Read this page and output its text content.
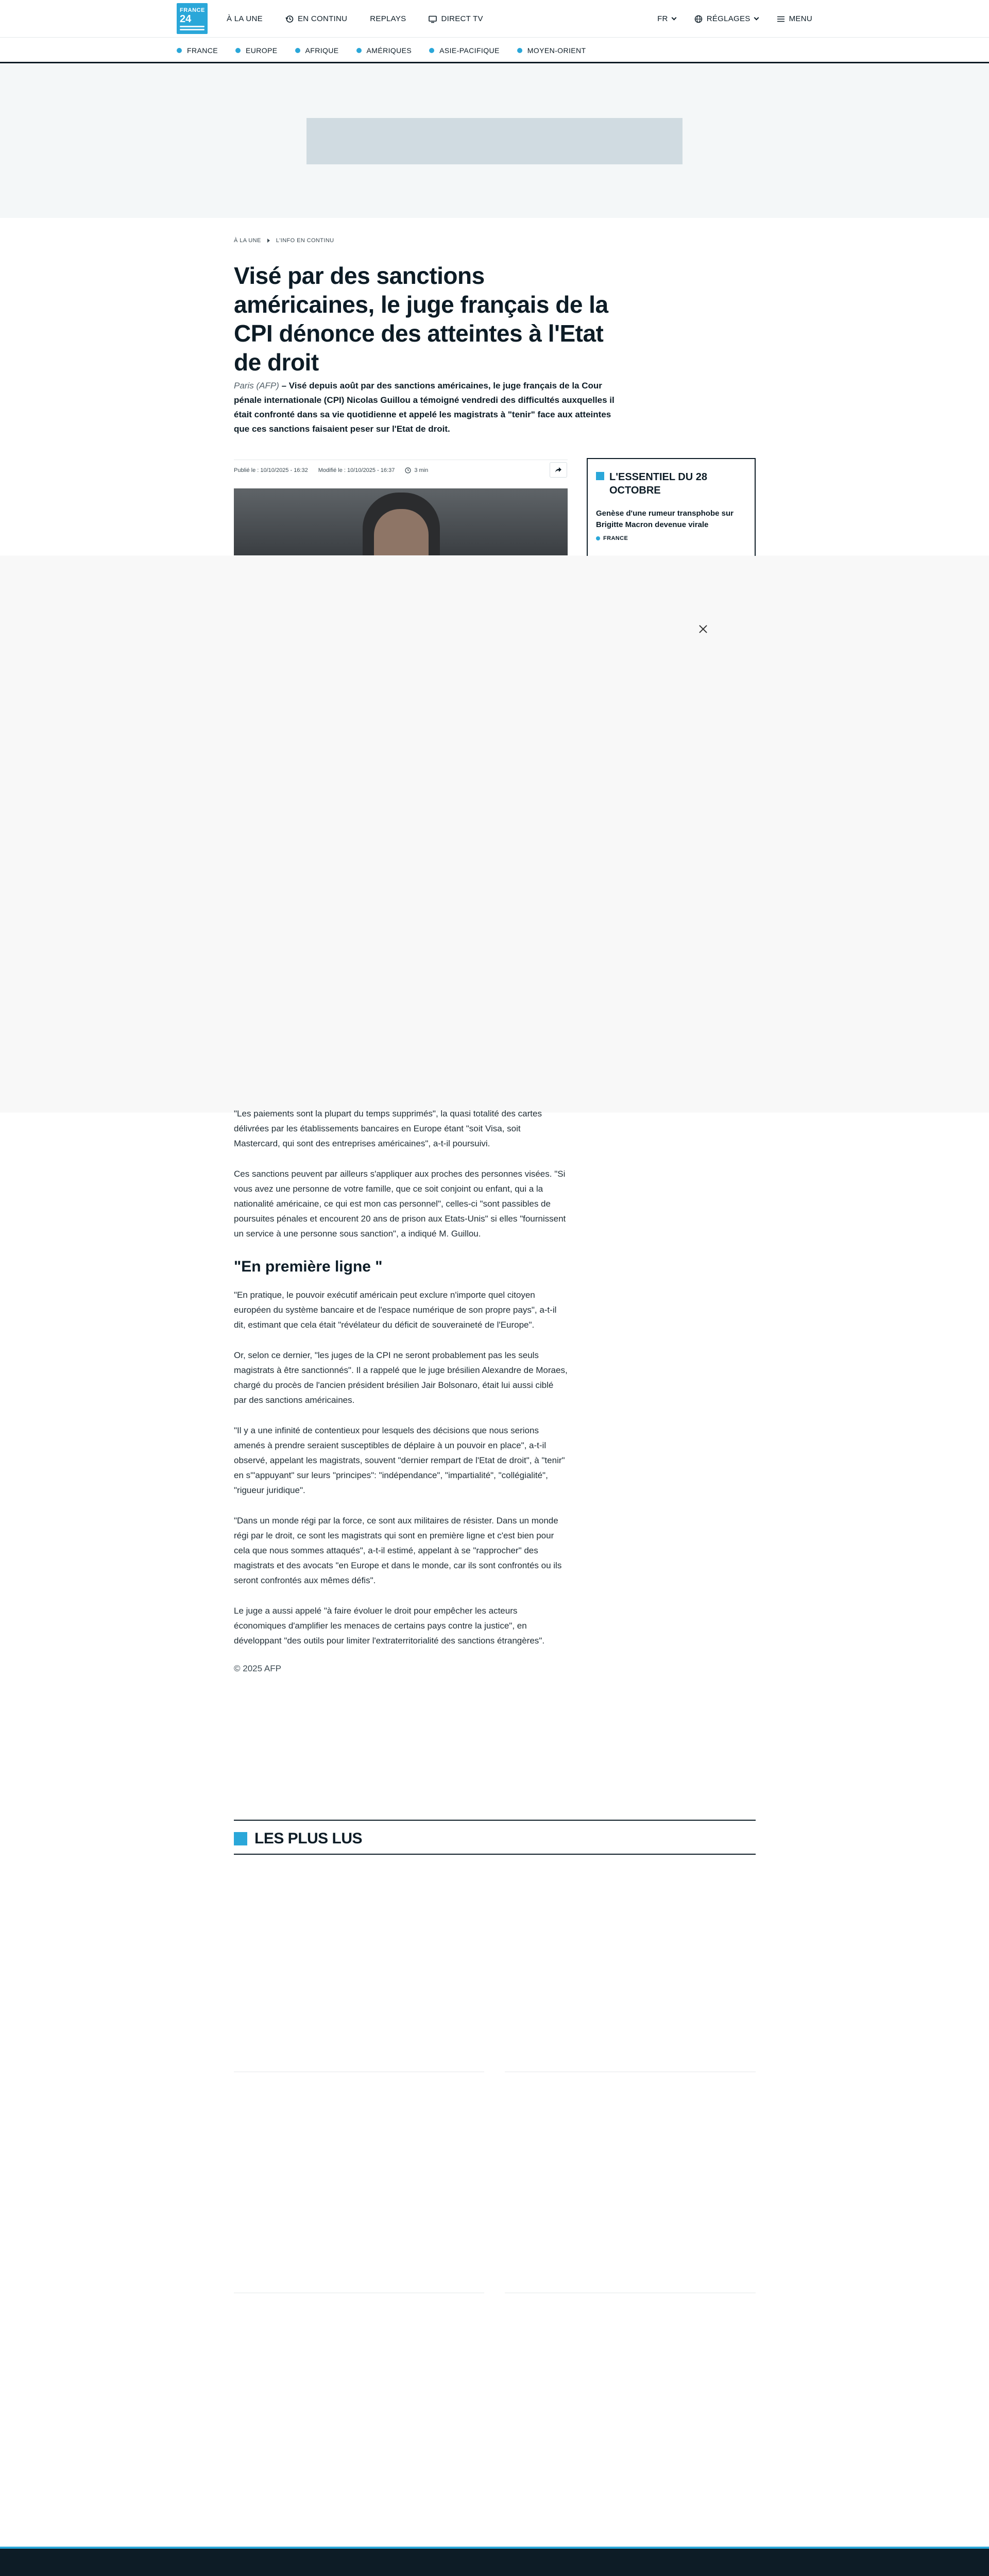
FRANCE
24	À LA UNE	EN CONTINU	REPLAYS	DIRECT TV	FR	RÉGLAGES	MENU
FRANCE	EUROPE	AFRIQUE	AMÉRIQUES	ASIE-PACIFIQUE	MOYEN-ORIENT
À LA UNE	L'INFO EN CONTINU
Visé par des sanctions américaines, le juge français de la CPI dénonce des atteintes à l'Etat de droit

Paris (AFP) – Visé depuis août par des sanctions américaines, le juge français de la Cour pénale internationale (CPI) Nicolas Guillou a témoigné vendredi des difficultés auxquelles il était confronté dans sa vie quotidienne et appelé les magistrats à "tenir" face aux atteintes que ces sanctions faisaient peser sur l'Etat de droit.

Publié le : 10/10/2025 - 16:32 Modifié le : 10/10/2025 - 16:37	3 min
L'ESSENTIEL DU 28 OCTOBRE
Genèse d'une rumeur transphobe sur Brigitte Macron devenue virale
FRANCE

"Les paiements sont la plupart du temps supprimés", la quasi totalité des cartes délivrées par les établissements bancaires en Europe étant "soit Visa, soit Mastercard, qui sont des entreprises américaines", a-t-il poursuivi.

Ces sanctions peuvent par ailleurs s'appliquer aux proches des personnes visées. "Si vous avez une personne de votre famille, que ce soit conjoint ou enfant, qui a la nationalité américaine, ce qui est mon cas personnel", celles-ci "sont passibles de poursuites pénales et encourent 20 ans de prison aux Etats-Unis" si elles "fournissent un service à une personne sous sanction", a indiqué M. Guillou.

"En première ligne "

"En pratique, le pouvoir exécutif américain peut exclure n'importe quel citoyen européen du système bancaire et de l'espace numérique de son propre pays", a-t-il dit, estimant que cela était "révélateur du déficit de souveraineté de l'Europe".

Or, selon ce dernier, "les juges de la CPI ne seront probablement pas les seuls magistrats à être sanctionnés". Il a rappelé que le juge brésilien Alexandre de Moraes, chargé du procès de l'ancien président brésilien Jair Bolsonaro, était lui aussi ciblé par des sanctions américaines.

"Il y a une infinité de contentieux pour lesquels des décisions que nous serions amenés à prendre seraient susceptibles de déplaire à un pouvoir en place", a-t-il observé, appelant les magistrats, souvent "dernier rempart de l'Etat de droit", à "tenir" en s'"appuyant" sur leurs "principes": "indépendance", "impartialité", "collégialité", "rigueur juridique".

"Dans un monde régi par la force, ce sont aux militaires de résister. Dans un monde régi par le droit, ce sont les magistrats qui sont en première ligne et c'est bien pour cela que nous sommes attaqués", a-t-il estimé, appelant à se "rapprocher" des magistrats et des avocats "en Europe et dans le monde, car ils sont confrontés ou ils seront confrontés aux mêmes défis".

Le juge a aussi appelé "à faire évoluer le droit pour empêcher les acteurs économiques d'amplifier les menaces de certains pays contre la justice", en développant "des outils pour limiter l'extraterritorialité des sanctions étrangères".

© 2025 AFP

LES PLUS LUS
